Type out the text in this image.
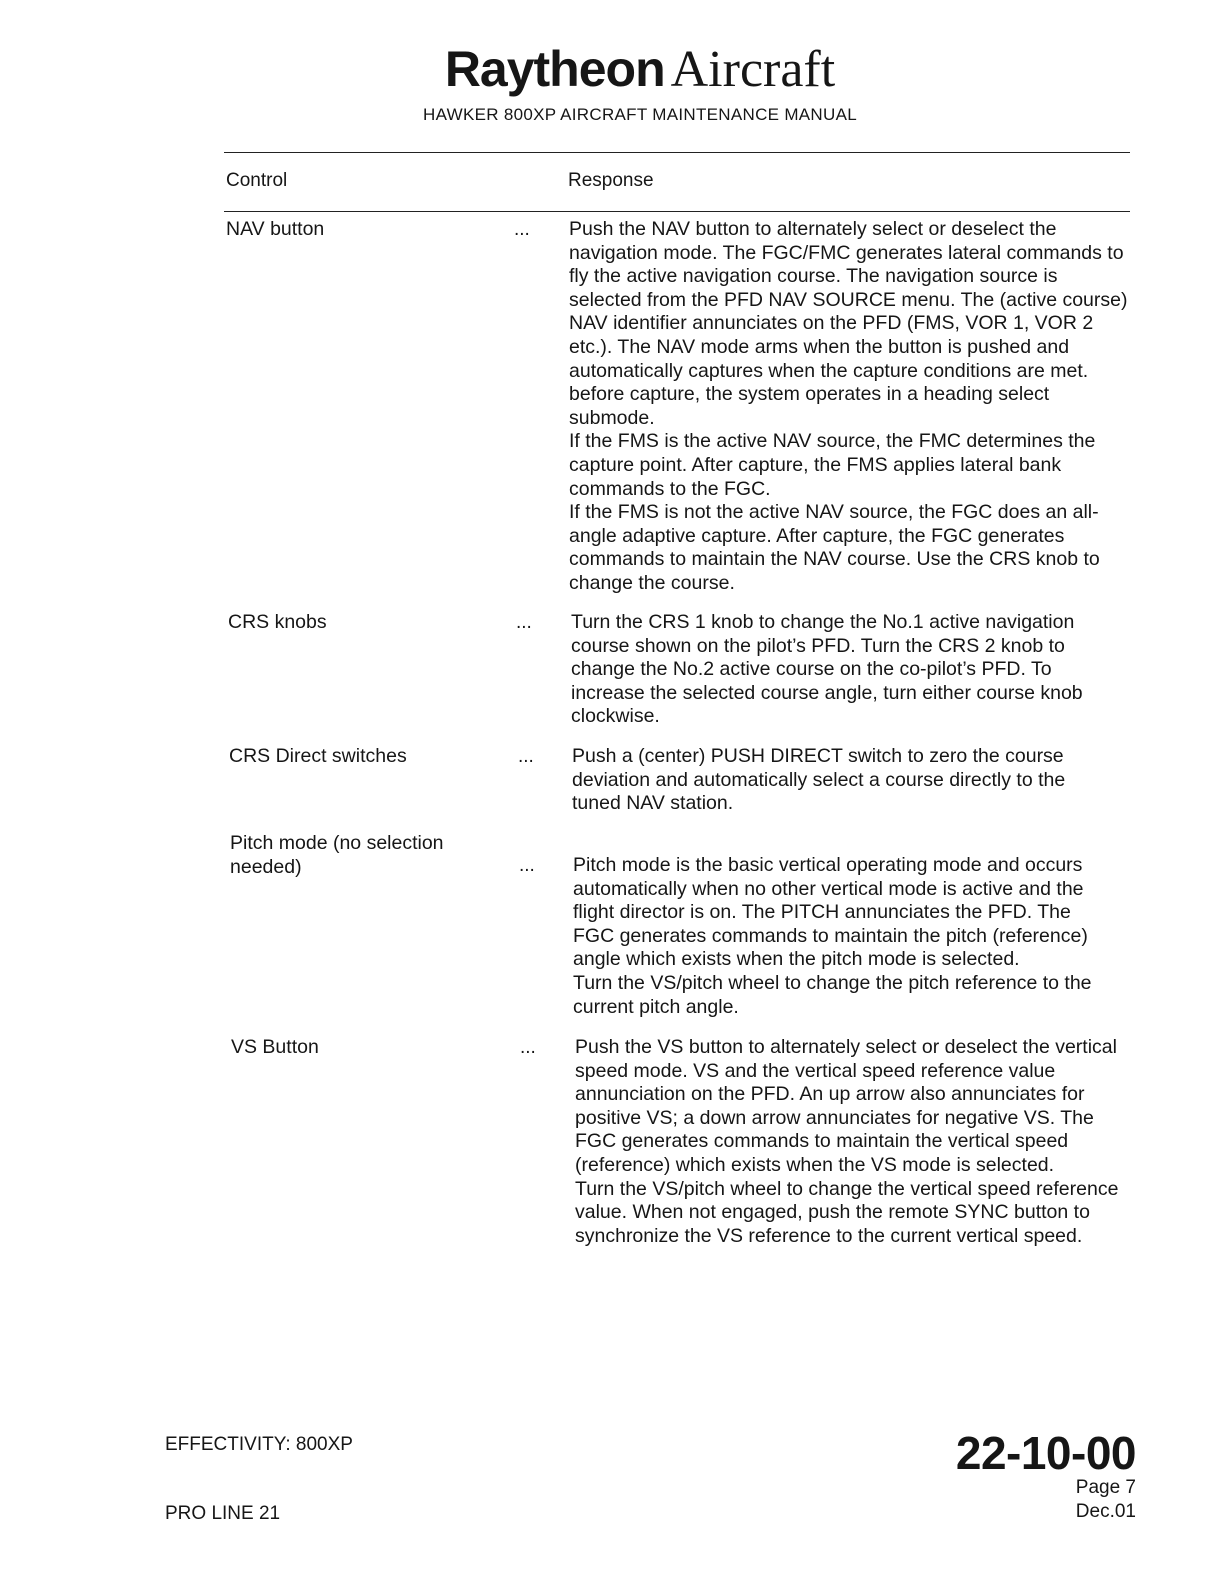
Raytheon Aircraft
HAWKER 800XP AIRCRAFT MAINTENANCE MANUAL
Control	Response
NAV button	... Push the NAV button to alternately select or deselect the navigation mode. The FGC/FMC generates lateral commands to fly the active navigation course. The navigation source is selected from the PFD NAV SOURCE menu. The (active course) NAV identifier annunciates on the PFD (FMS, VOR 1, VOR 2 etc.). The NAV mode arms when the button is pushed and automatically captures when the capture conditions are met. before capture, the system operates in a heading select submode.

If the FMS is the active NAV source, the FMC determines the capture point. After capture, the FMS applies lateral bank commands to the FGC.

If the FMS is not the active NAV source, the FGC does an all-angle adaptive capture. After capture, the FGC generates commands to maintain the NAV course. Use the CRS knob to change the course.

CRS knobs	... Turn the CRS 1 knob to change the No.1 active navigation course shown on the pilot’s PFD. Turn the CRS 2 knob to change the No.2 active course on the co-pilot’s PFD. To increase the selected course angle, turn either course knob clockwise.

CRS Direct switches	... Push a (center) PUSH DIRECT switch to zero the course deviation and automatically select a course directly to the tuned NAV station.

Pitch mode (no selection needed)	... Pitch mode is the basic vertical operating mode and occurs automatically when no other vertical mode is active and the flight director is on. The PITCH annunciates the PFD. The FGC generates commands to maintain the pitch (reference) angle which exists when the pitch mode is selected.

Turn the VS/pitch wheel to change the pitch reference to the current pitch angle.

VS Button	... Push the VS button to alternately select or deselect the vertical speed mode. VS and the vertical speed reference value annunciation on the PFD. An up arrow also annunciates for positive VS; a down arrow annunciates for negative VS. The FGC generates commands to maintain the vertical speed (reference) which exists when the VS mode is selected.

Turn the VS/pitch wheel to change the vertical speed reference value. When not engaged, push the remote SYNC button to synchronize the VS reference to the current vertical speed.

EFFECTIVITY: 800XP
PRO LINE 21
22-10-00
Page 7
Dec.01
